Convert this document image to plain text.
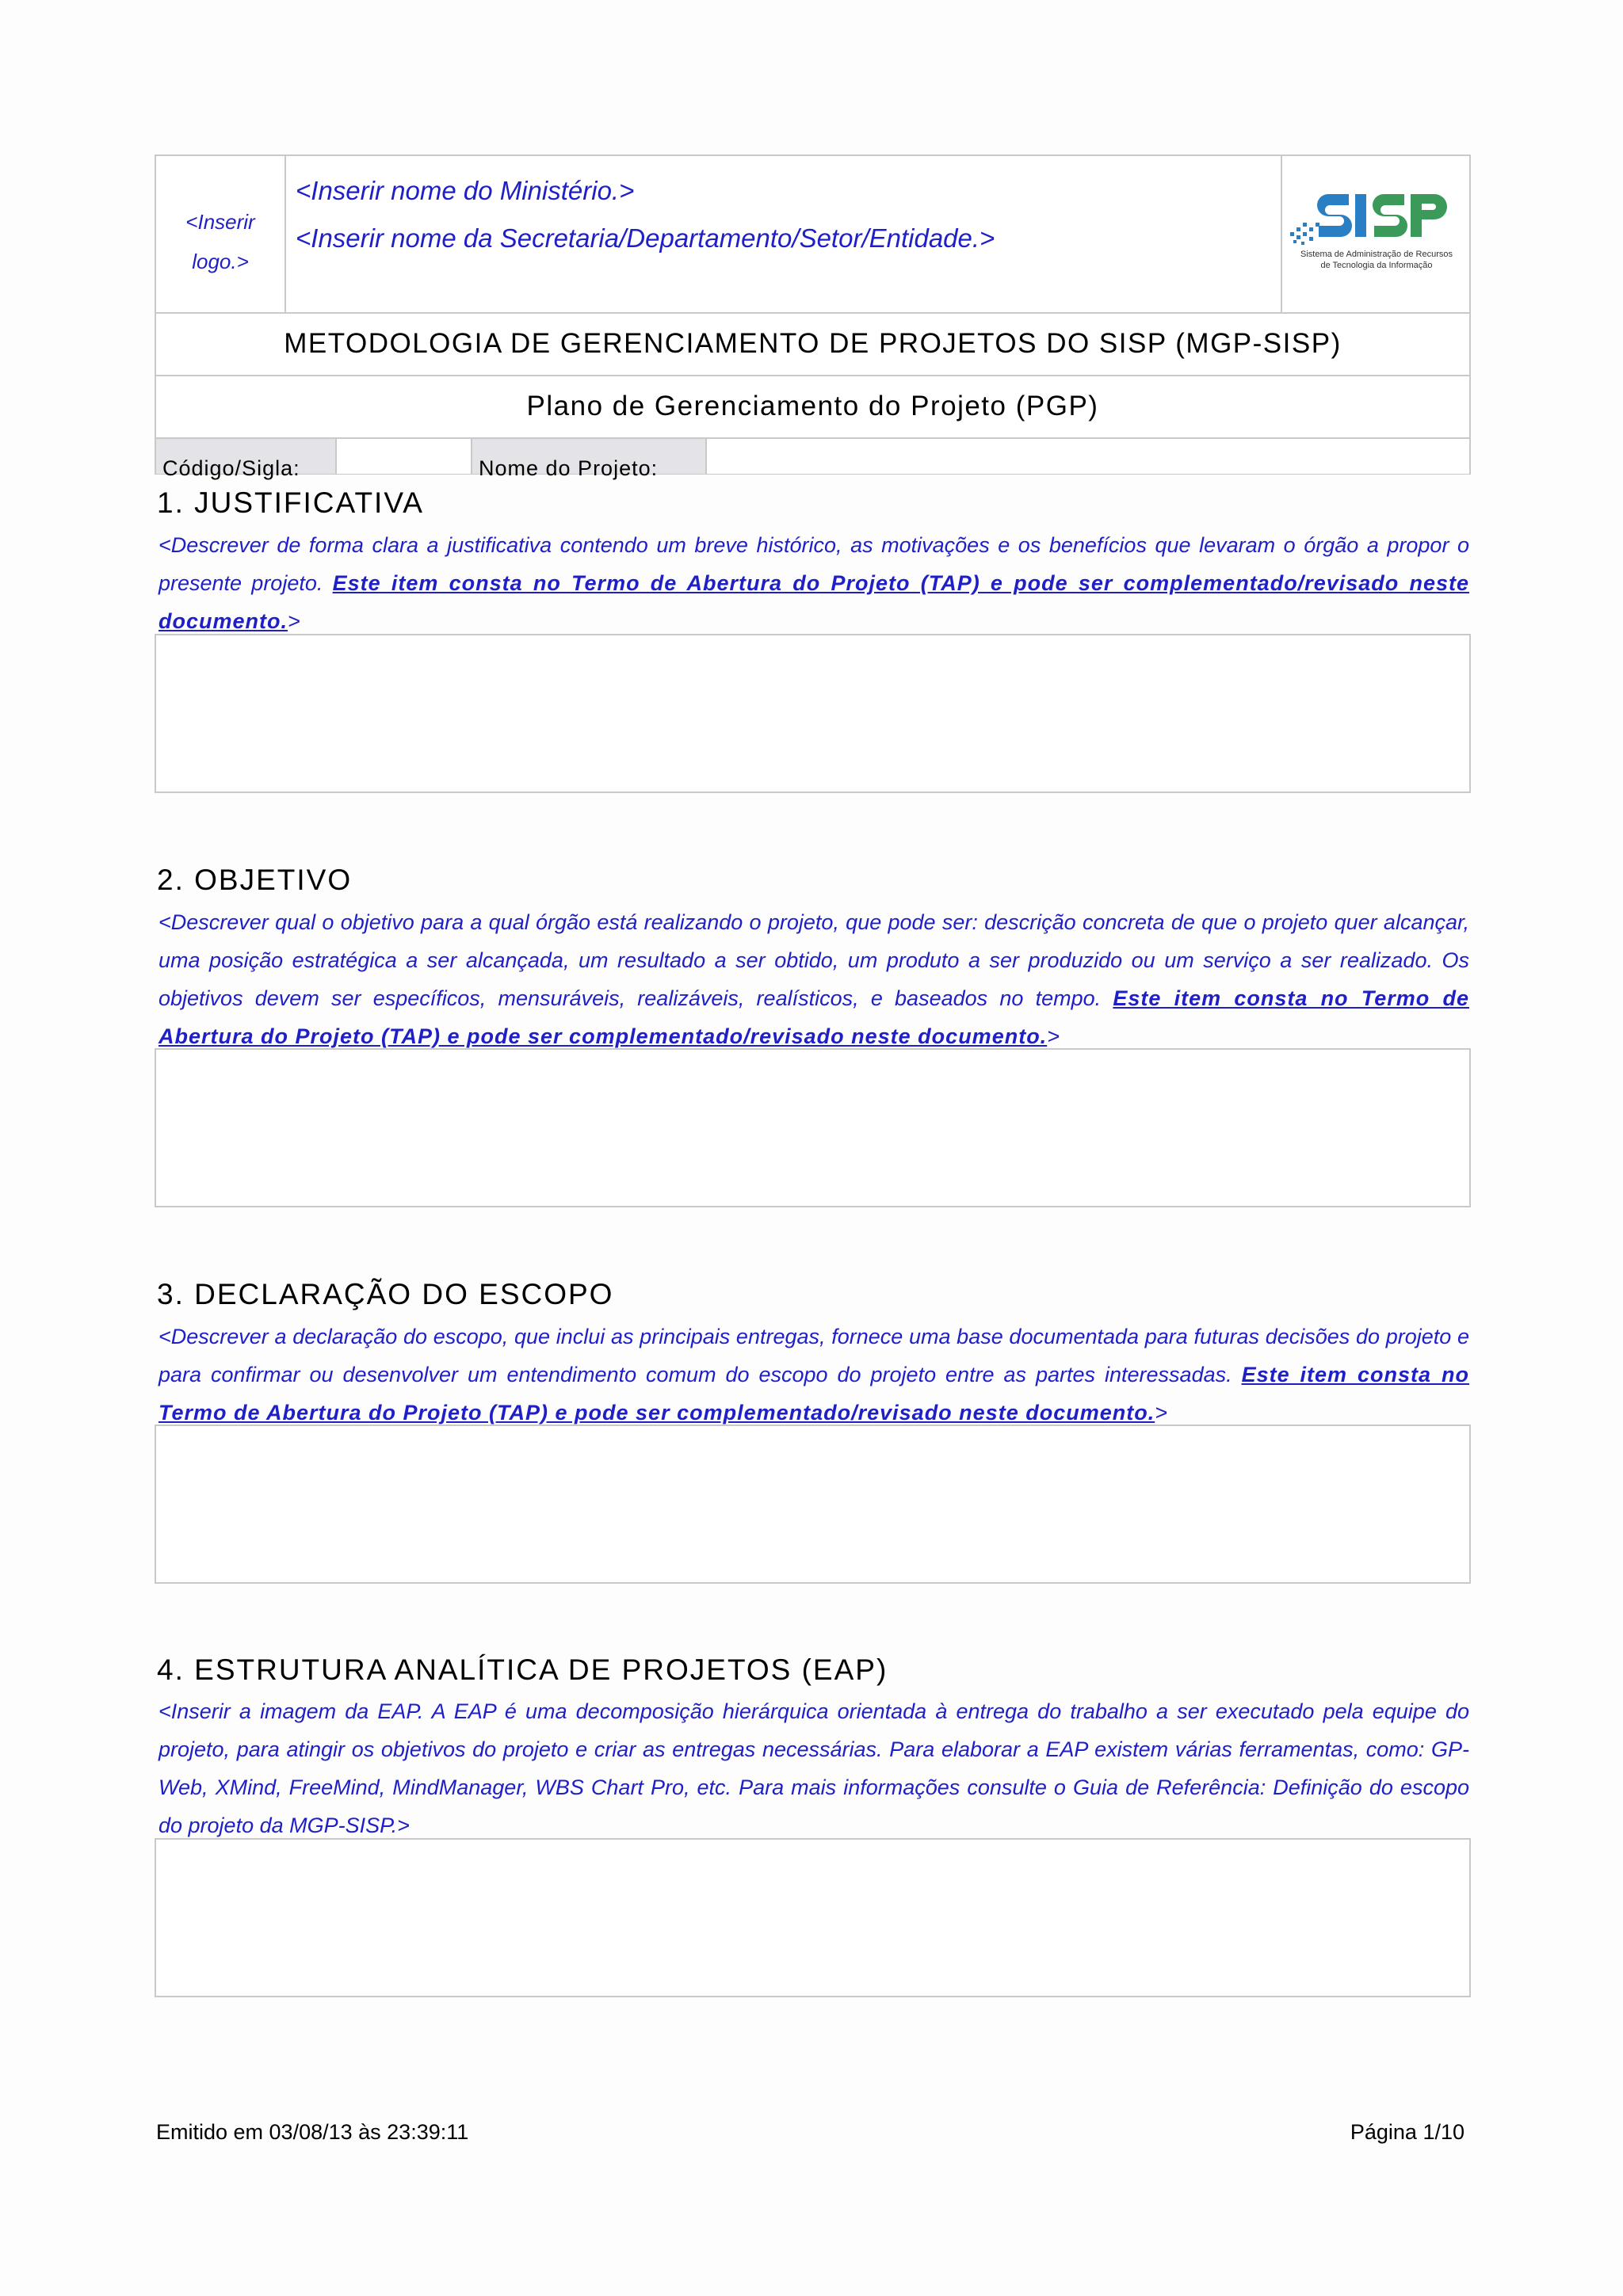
<Inserir
logo.>
<Inserir nome do Ministério.>
<Inserir nome da Secretaria/Departamento/Setor/Entidade.>
Sistema de Administração de Recursos
de Tecnologia da Informação
METODOLOGIA DE GERENCIAMENTO DE PROJETOS DO SISP (MGP-SISP)
Plano de Gerenciamento do Projeto (PGP)
Código/Sigla:	Nome do Projeto:
1. JUSTIFICATIVA
<Descrever de forma clara a justificativa contendo um breve histórico, as motivações e os benefícios que levaram o órgão a propor o presente projeto. Este item consta no Termo de Abertura do Projeto (TAP) e pode ser complementado/revisado neste documento.>
2. OBJETIVO
<Descrever qual o objetivo para a qual órgão está realizando o projeto, que pode ser: descrição concreta de que o projeto quer alcançar, uma posição estratégica a ser alcançada, um resultado a ser obtido, um produto a ser produzido ou um serviço a ser realizado. Os objetivos devem ser específicos, mensuráveis, realizáveis, realísticos, e baseados no tempo. Este item consta no Termo de Abertura do Projeto (TAP) e pode ser complementado/revisado neste documento.>
3. DECLARAÇÃO DO ESCOPO
<Descrever a declaração do escopo, que inclui as principais entregas, fornece uma base documentada para futuras decisões do projeto e para confirmar ou desenvolver um entendimento comum do escopo do projeto entre as partes interessadas. Este item consta no Termo de Abertura do Projeto (TAP) e pode ser complementado/revisado neste documento.>
4. ESTRUTURA ANALÍTICA DE PROJETOS (EAP)
<Inserir a imagem da EAP. A EAP é uma decomposição hierárquica orientada à entrega do trabalho a ser executado pela equipe do projeto, para atingir os objetivos do projeto e criar as entregas necessárias. Para elaborar a EAP existem várias ferramentas, como: GP-Web, XMind, FreeMind, MindManager, WBS Chart Pro, etc. Para mais informações consulte o Guia de Referência: Definição do escopo do projeto da MGP-SISP.>
Emitido em 03/08/13 às 23:39:11	Página 1/10
